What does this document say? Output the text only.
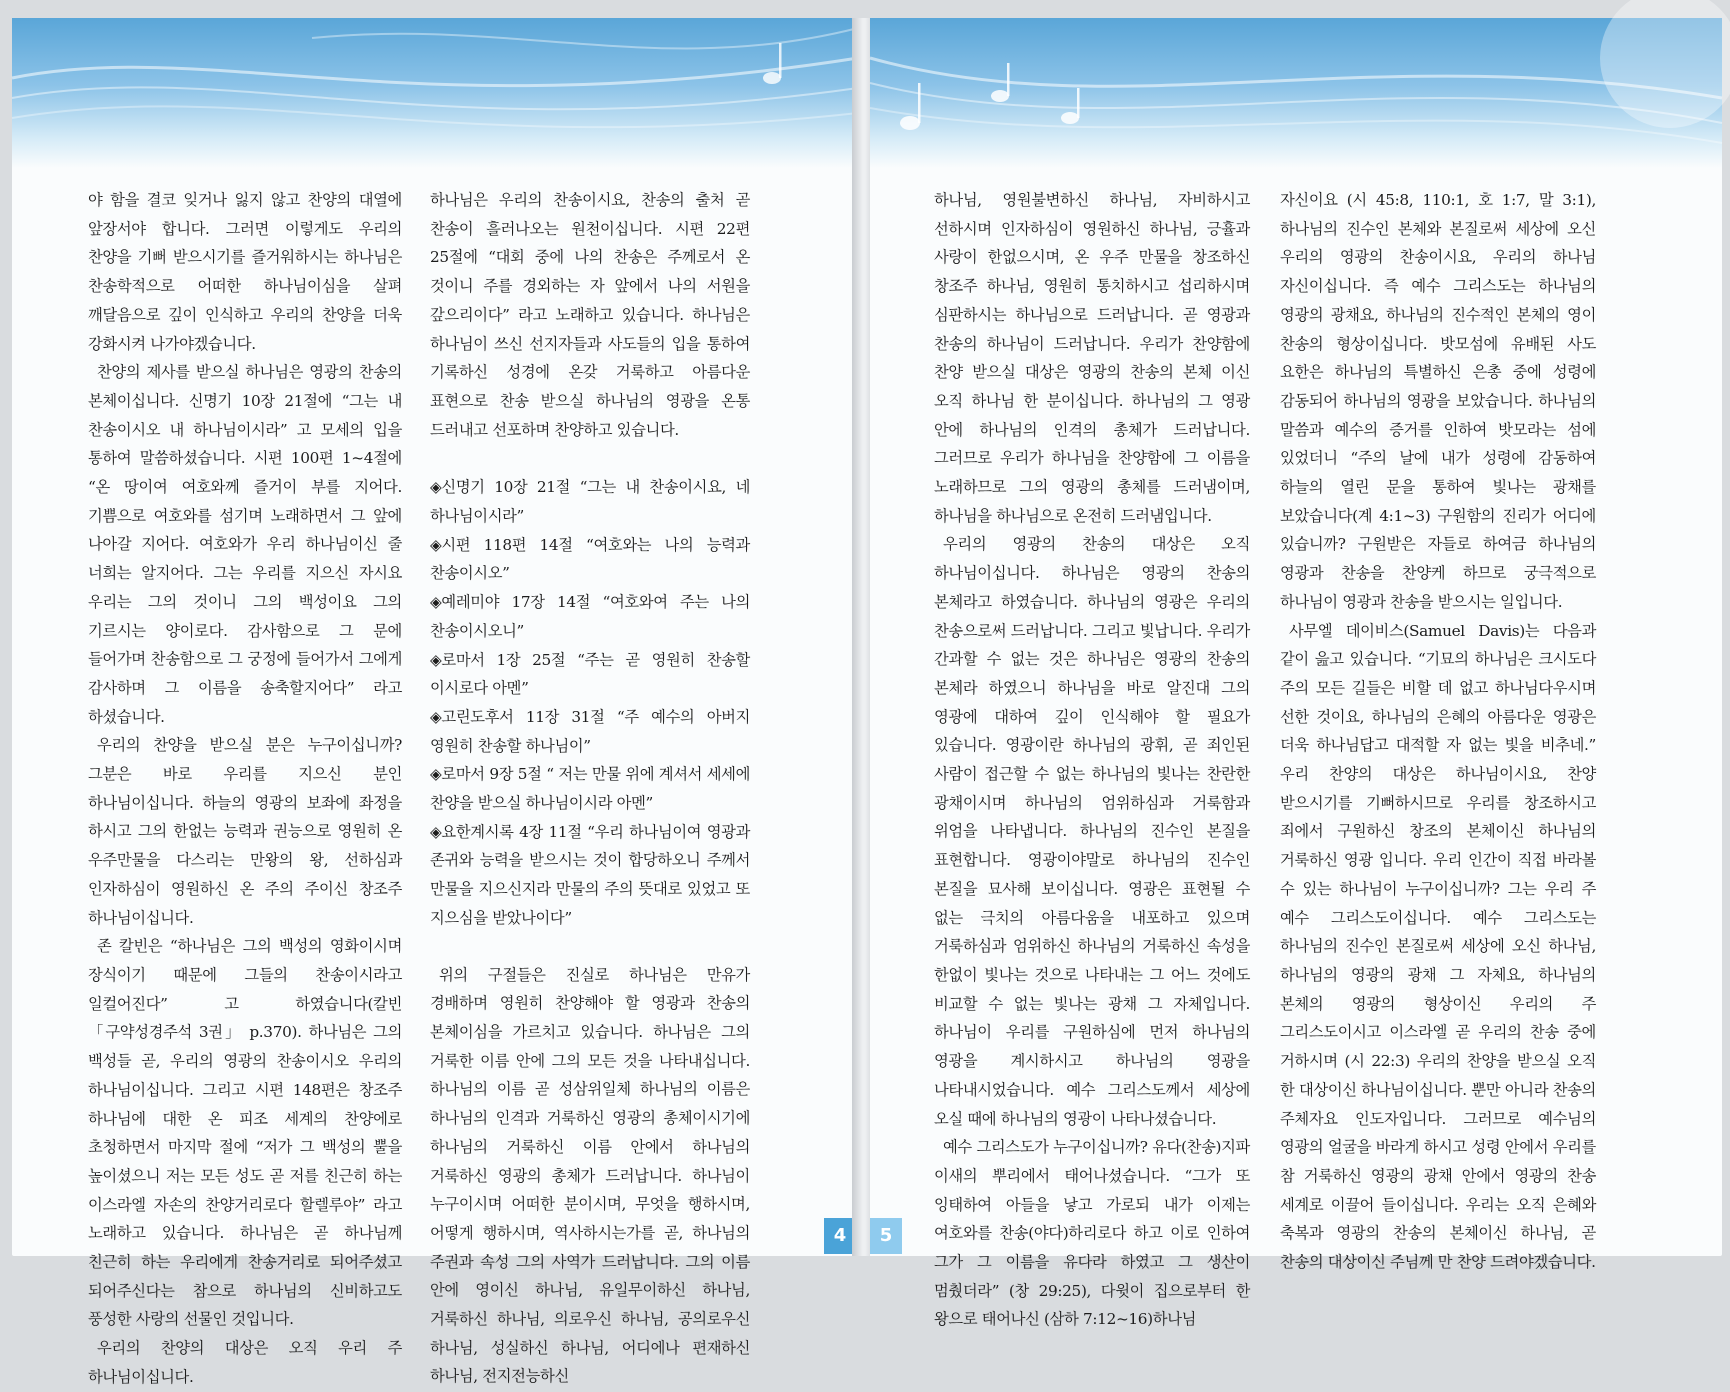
야 함을 결코 잊거나 잃지 않고 찬양의 대열에 앞장서야 합니다. 그러면 이렇게도 우리의 찬양을 기뻐 받으시기를 즐거워하시는 하나님은 찬송학적으로 어떠한 하나님이심을 살펴 깨달음으로 깊이 인식하고 우리의 찬양을 더욱 강화시켜 나가야겠습니다.

찬양의 제사를 받으실 하나님은 영광의 찬송의 본체이십니다. 신명기 10장 21절에 “그는 내 찬송이시오 내 하나님이시라” 고 모세의 입을 통하여 말씀하셨습니다. 시편 100편 1~4절에 “온 땅이여 여호와께 즐거이 부를 지어다. 기쁨으로 여호와를 섬기며 노래하면서 그 앞에 나아갈 지어다. 여호와가 우리 하나님이신 줄 너희는 알지어다. 그는 우리를 지으신 자시요 우리는 그의 것이니 그의 백성이요 그의 기르시는 양이로다. 감사함으로 그 문에 들어가며 찬송함으로 그 궁정에 들어가서 그에게 감사하며 그 이름을 송축할지어다” 라고 하셨습니다.

우리의 찬양을 받으실 분은 누구이십니까? 그분은 바로 우리를 지으신 분인 하나님이십니다. 하늘의 영광의 보좌에 좌정을 하시고 그의 한없는 능력과 권능으로 영원히 온 우주만물을 다스리는 만왕의 왕, 선하심과 인자하심이 영원하신 온 주의 주이신 창조주 하나님이십니다.

존 칼빈은 “하나님은 그의 백성의 영화이시며 장식이기 때문에 그들의 찬송이시라고 일컬어진다” 고 하였습니다(칼빈 「구약성경주석 3권」 p.370). 하나님은 그의 백성들 곧, 우리의 영광의 찬송이시오 우리의 하나님이십니다. 그리고 시편 148편은 창조주 하나님에 대한 온 피조 세계의 찬양에로 초청하면서 마지막 절에 “저가 그 백성의 뿔을 높이셨으니 저는 모든 성도 곧 저를 친근히 하는 이스라엘 자손의 찬양거리로다 할렐루야” 라고 노래하고 있습니다. 하나님은 곧 하나님께 친근히 하는 우리에게 찬송거리로 되어주셨고 되어주신다는 참으로 하나님의 신비하고도 풍성한 사랑의 선물인 것입니다.

우리의 찬양의 대상은 오직 우리 주 하나님이십니다.

하나님은 우리의 찬송이시요, 찬송의 출처 곧 찬송이 흘러나오는 원천이십니다. 시편 22편 25절에 “대회 중에 나의 찬송은 주께로서 온 것이니 주를 경외하는 자 앞에서 나의 서원을 갚으리이다” 라고 노래하고 있습니다. 하나님은 하나님이 쓰신 선지자들과 사도들의 입을 통하여 기록하신 성경에 온갖 거룩하고 아름다운 표현으로 찬송 받으실 하나님의 영광을 온통 드러내고 선포하며 찬양하고 있습니다.

◈신명기 10장 21절 “그는 내 찬송이시요, 네 하나님이시라”

◈시편 118편 14절 “여호와는 나의 능력과 찬송이시오”

◈예레미야 17장 14절 “여호와여 주는 나의 찬송이시오니”

◈로마서 1장 25절 “주는 곧 영원히 찬송할 이시로다 아멘”

◈고린도후서 11장 31절 “주 예수의 아버지 영원히 찬송할 하나님이”

◈로마서 9장 5절 “ 저는 만물 위에 계셔서 세세에 찬양을 받으실 하나님이시라 아멘”

◈요한계시록 4장 11절 “우리 하나님이여 영광과 존귀와 능력을 받으시는 것이 합당하오니 주께서 만물을 지으신지라 만물의 주의 뜻대로 있었고 또 지으심을 받았나이다”

위의 구절들은 진실로 하나님은 만유가 경배하며 영원히 찬양해야 할 영광과 찬송의 본체이심을 가르치고 있습니다. 하나님은 그의 거룩한 이름 안에 그의 모든 것을 나타내십니다. 하나님의 이름 곧 성삼위일체 하나님의 이름은 하나님의 인격과 거룩하신 영광의 총체이시기에 하나님의 거룩하신 이름 안에서 하나님의 거룩하신 영광의 총체가 드러납니다. 하나님이 누구이시며 어떠한 분이시며, 무엇을 행하시며, 어떻게 행하시며, 역사하시는가를 곧, 하나님의 주권과 속성 그의 사역가 드러납니다. 그의 이름 안에 영이신 하나님, 유일무이하신 하나님, 거룩하신 하나님, 의로우신 하나님, 공의로우신 하나님, 성실하신 하나님, 어디에나 편재하신 하나님, 전지전능하신

4

하나님, 영원불변하신 하나님, 자비하시고 선하시며 인자하심이 영원하신 하나님, 긍휼과 사랑이 한없으시며, 온 우주 만물을 창조하신 창조주 하나님, 영원히 통치하시고 섭리하시며 심판하시는 하나님으로 드러납니다. 곧 영광과 찬송의 하나님이 드러납니다. 우리가 찬양함에 찬양 받으실 대상은 영광의 찬송의 본체 이신 오직 하나님 한 분이십니다. 하나님의 그 영광 안에 하나님의 인격의 총체가 드러납니다. 그러므로 우리가 하나님을 찬양함에 그 이름을 노래하므로 그의 영광의 총체를 드러냄이며, 하나님을 하나님으로 온전히 드러냄입니다.

우리의 영광의 찬송의 대상은 오직 하나님이십니다. 하나님은 영광의 찬송의 본체라고 하였습니다. 하나님의 영광은 우리의 찬송으로써 드러납니다. 그리고 빛납니다. 우리가 간과할 수 없는 것은 하나님은 영광의 찬송의 본체라 하였으니 하나님을 바로 알진대 그의 영광에 대하여 깊이 인식해야 할 필요가 있습니다. 영광이란 하나님의 광휘, 곧 죄인된 사람이 접근할 수 없는 하나님의 빛나는 찬란한 광채이시며 하나님의 엄위하심과 거룩함과 위엄을 나타냅니다. 하나님의 진수인 본질을 표현합니다. 영광이야말로 하나님의 진수인 본질을 묘사해 보이십니다. 영광은 표현될 수 없는 극치의 아름다움을 내포하고 있으며 거룩하심과 엄위하신 하나님의 거룩하신 속성을 한없이 빛나는 것으로 나타내는 그 어느 것에도 비교할 수 없는 빛나는 광채 그 자체입니다. 하나님이 우리를 구원하심에 먼저 하나님의 영광을 계시하시고 하나님의 영광을 나타내시었습니다. 예수 그리스도께서 세상에 오실 때에 하나님의 영광이 나타나셨습니다.

예수 그리스도가 누구이십니까? 유다(찬송)지파 이새의 뿌리에서 태어나셨습니다. “그가 또 잉태하여 아들을 낳고 가로되 내가 이제는 여호와를 찬송(야다)하리로다 하고 이로 인하여 그가 그 이름을 유다라 하였고 그 생산이 멈췄더라” (창 29:25), 다윗이 집으로부터 한 왕으로 태어나신 (삼하 7:12~16)하나님

자신이요 (시 45:8, 110:1, 호 1:7, 말 3:1), 하나님의 진수인 본체와 본질로써 세상에 오신 우리의 영광의 찬송이시요, 우리의 하나님 자신이십니다. 즉 예수 그리스도는 하나님의 영광의 광채요, 하나님의 진수적인 본체의 영이 찬송의 형상이십니다. 밧모섬에 유배된 사도 요한은 하나님의 특별하신 은총 중에 성령에 감동되어 하나님의 영광을 보았습니다. 하나님의 말씀과 예수의 증거를 인하여 밧모라는 섬에 있었더니 “주의 날에 내가 성령에 감동하여 하늘의 열린 문을 통하여 빛나는 광채를 보았습니다(계 4:1~3) 구원함의 진리가 어디에 있습니까? 구원받은 자들로 하여금 하나님의 영광과 찬송을 찬양케 하므로 궁극적으로 하나님이 영광과 찬송을 받으시는 일입니다.

사무엘 데이비스(Samuel Davis)는 다음과 같이 읊고 있습니다. “기묘의 하나님은 크시도다 주의 모든 길들은 비할 데 없고 하나님다우시며 선한 것이요, 하나님의 은혜의 아름다운 영광은 더욱 하나님답고 대적할 자 없는 빛을 비추네.” 우리 찬양의 대상은 하나님이시요, 찬양 받으시기를 기뻐하시므로 우리를 창조하시고 죄에서 구원하신 창조의 본체이신 하나님의 거룩하신 영광 입니다. 우리 인간이 직접 바라볼 수 있는 하나님이 누구이십니까? 그는 우리 주 예수 그리스도이십니다. 예수 그리스도는 하나님의 진수인 본질로써 세상에 오신 하나님, 하나님의 영광의 광채 그 자체요, 하나님의 본체의 영광의 형상이신 우리의 주 그리스도이시고 이스라엘 곧 우리의 찬송 중에 거하시며 (시 22:3) 우리의 찬양을 받으실 오직 한 대상이신 하나님이십니다. 뿐만 아니라 찬송의 주체자요 인도자입니다. 그러므로 예수님의 영광의 얼굴을 바라게 하시고 성령 안에서 우리를 참 거룩하신 영광의 광채 안에서 영광의 찬송 세계로 이끌어 들이십니다. 우리는 오직 은혜와 축복과 영광의 찬송의 본체이신 하나님, 곧 찬송의 대상이신 주님께 만 찬양 드려야겠습니다.

5
